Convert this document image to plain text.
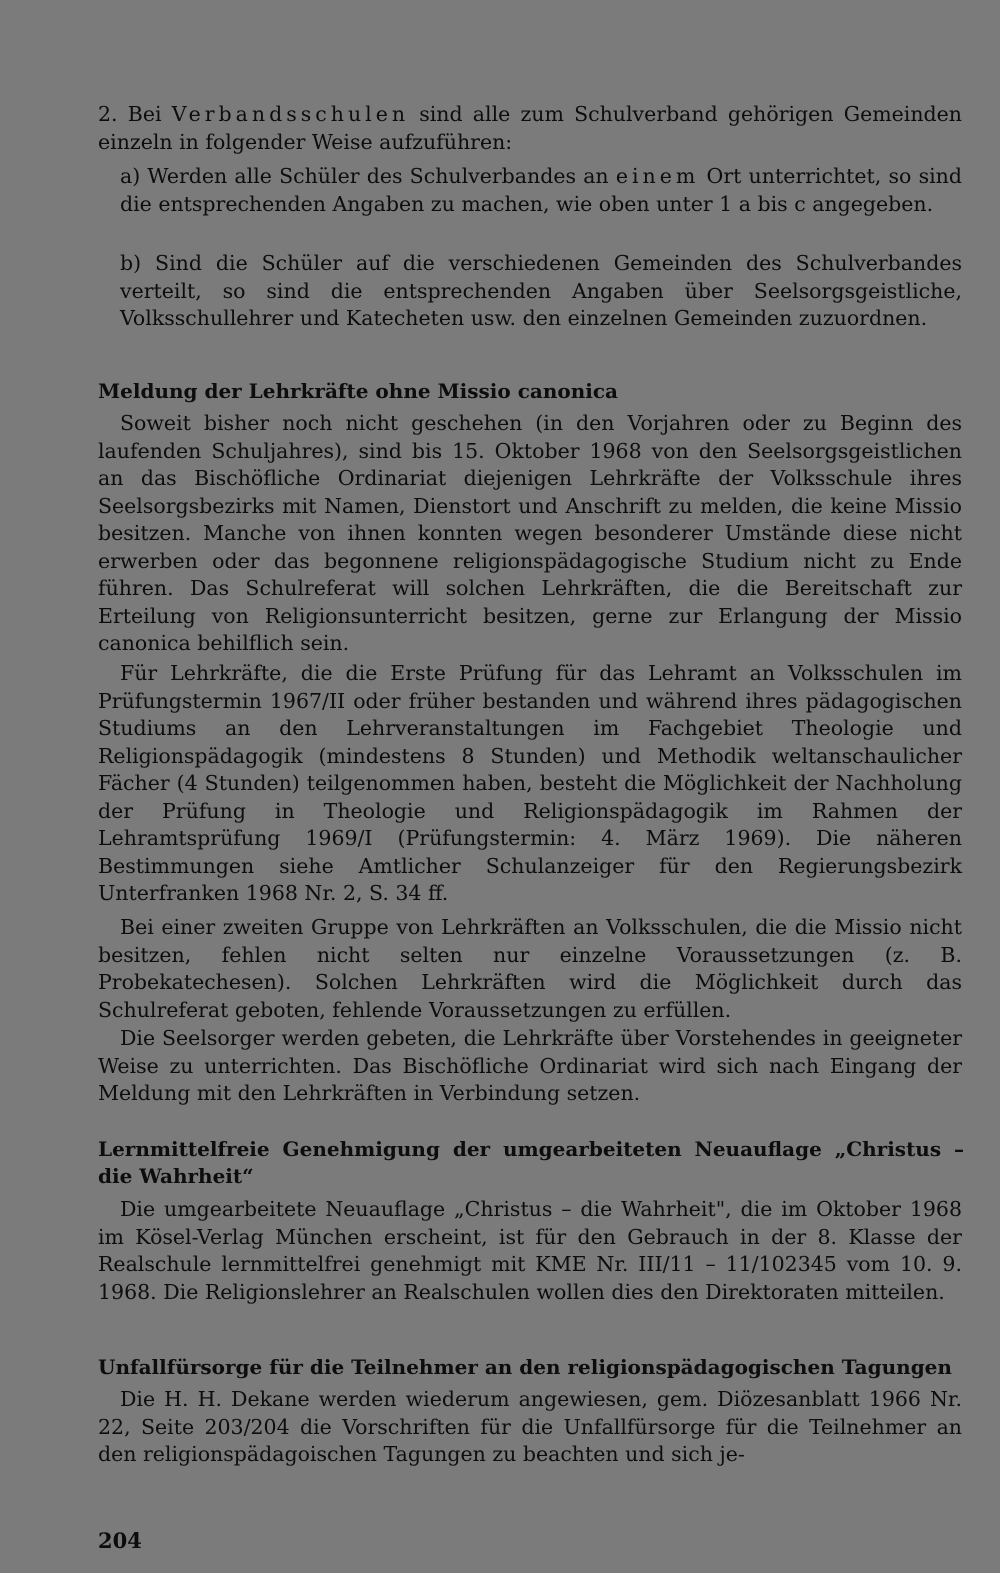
2. Bei Verbandsschulen sind alle zum Schulverband gehörigen Gemeinden einzeln in folgender Weise aufzuführen:

a) Werden alle Schüler des Schulverbandes an einem Ort unterrichtet, so sind die entsprechenden Angaben zu machen, wie oben unter 1 a bis c angegeben.

b) Sind die Schüler auf die verschiedenen Gemeinden des Schulverbandes verteilt, so sind die entsprechenden Angaben über Seelsorgsgeistliche, Volksschullehrer und Katecheten usw. den einzelnen Gemeinden zuzuordnen.

Meldung der Lehrkräfte ohne Missio canonica

Soweit bisher noch nicht geschehen (in den Vorjahren oder zu Beginn des laufenden Schuljahres), sind bis 15. Oktober 1968 von den Seelsorgsgeistlichen an das Bischöfliche Ordinariat diejenigen Lehrkräfte der Volksschule ihres Seelsorgsbezirks mit Namen, Dienstort und Anschrift zu melden, die keine Missio besitzen. Manche von ihnen konnten wegen besonderer Umstände diese nicht erwerben oder das begonnene religionspädagogische Studium nicht zu Ende führen. Das Schulreferat will solchen Lehrkräften, die die Bereitschaft zur Erteilung von Religionsunterricht besitzen, gerne zur Erlangung der Missio canonica behilflich sein.

Für Lehrkräfte, die die Erste Prüfung für das Lehramt an Volksschulen im Prüfungstermin 1967/II oder früher bestanden und während ihres pädagogischen Studiums an den Lehrveranstaltungen im Fachgebiet Theologie und Religionspädagogik (mindestens 8 Stunden) und Methodik weltanschaulicher Fächer (4 Stunden) teilgenommen haben, besteht die Möglichkeit der Nachholung der Prüfung in Theologie und Religionspädagogik im Rahmen der Lehramtsprüfung 1969/I (Prüfungstermin: 4. März 1969). Die näheren Bestimmungen siehe Amtlicher Schulanzeiger für den Regierungsbezirk Unterfranken 1968 Nr. 2, S. 34 ff.

Bei einer zweiten Gruppe von Lehrkräften an Volksschulen, die die Missio nicht besitzen, fehlen nicht selten nur einzelne Voraussetzungen (z. B. Probekatechesen). Solchen Lehrkräften wird die Möglichkeit durch das Schulreferat geboten, fehlende Voraussetzungen zu erfüllen.

Die Seelsorger werden gebeten, die Lehrkräfte über Vorstehendes in geeigneter Weise zu unterrichten. Das Bischöfliche Ordinariat wird sich nach Eingang der Meldung mit den Lehrkräften in Verbindung setzen.

Lernmittelfreie Genehmigung der umgearbeiteten Neuauflage „Christus – die Wahrheit“

Die umgearbeitete Neuauflage „Christus – die Wahrheit", die im Oktober 1968 im Kösel-Verlag München erscheint, ist für den Gebrauch in der 8. Klasse der Realschule lernmittelfrei genehmigt mit KME Nr. III/11 – 11/102345 vom 10. 9. 1968. Die Religionslehrer an Realschulen wollen dies den Direktoraten mitteilen.

Unfallfürsorge für die Teilnehmer an den religionspädagogischen Tagungen

Die H. H. Dekane werden wiederum angewiesen, gem. Diözesanblatt 1966 Nr. 22, Seite 203/204 die Vorschriften für die Unfallfürsorge für die Teilnehmer an den religionspädagoischen Tagungen zu beachten und sich je-

204
